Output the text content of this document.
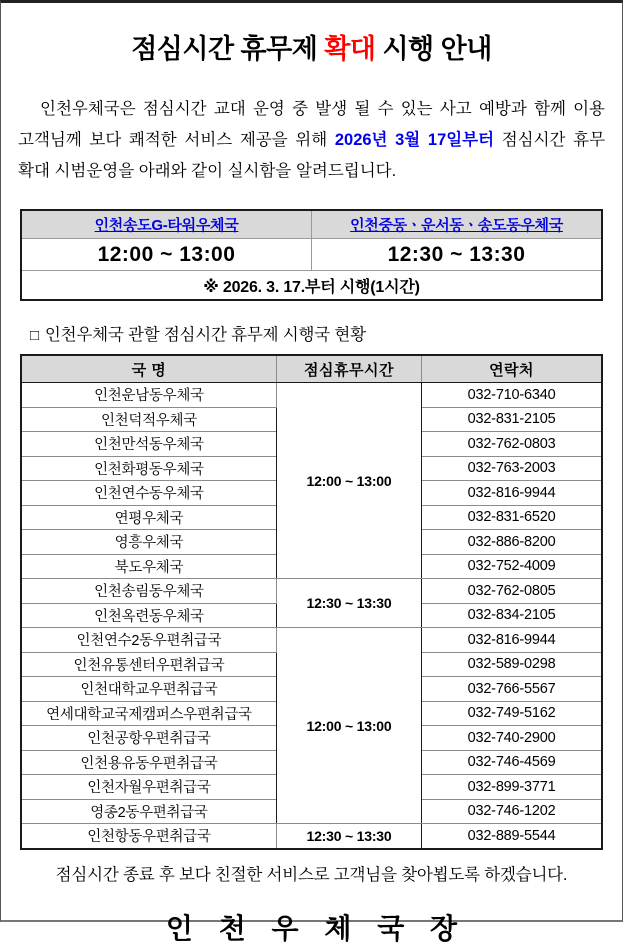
점심시간 휴무제 확대 시행 안내

인천우체국은 점심시간 교대 운영 중 발생 될 수 있는 사고 예방과 함께 이용 고객님께 보다 쾌적한 서비스 제공을 위해 2026년 3월 17일부터 점심시간 휴무 확대 시범운영을 아래와 같이 실시함을 알려드립니다.

인천송도G-타워우체국	인천중동ㆍ운서동ㆍ송도동우체국
12:00 ~ 13:00	12:30 ~ 13:30
※ 2026. 3. 17.부터 시행(1시간)	
□ 인천우체국 관할 점심시간 휴무제 시행국 현황
국 명	점심휴무시간	연락처
인천운남동우체국	12:00 ~ 13:00	032-710-6340
인천덕적우체국		032-831-2105
인천만석동우체국		032-762-0803
인천화평동우체국		032-763-2003
인천연수동우체국		032-816-9944
연평우체국		032-831-6520
영흥우체국		032-886-8200
북도우체국		032-752-4009
인천송림동우체국	12:30 ~ 13:30	032-762-0805
인천옥련동우체국		032-834-2105
인천연수2동우편취급국	12:00 ~ 13:00	032-816-9944
인천유통센터우편취급국		032-589-0298
인천대학교우편취급국		032-766-5567
연세대학교국제캠퍼스우편취급국		032-749-5162
인천공항우편취급국		032-740-2900
인천용유동우편취급국		032-746-4569
인천자월우편취급국		032-899-3771
영종2동우편취급국		032-746-1202
인천항동우편취급국	12:30 ~ 13:30	032-889-5544

점심시간 종료 후 보다 친절한 서비스로 고객님을 찾아뵙도록 하겠습니다.

인 천 우 체 국 장
